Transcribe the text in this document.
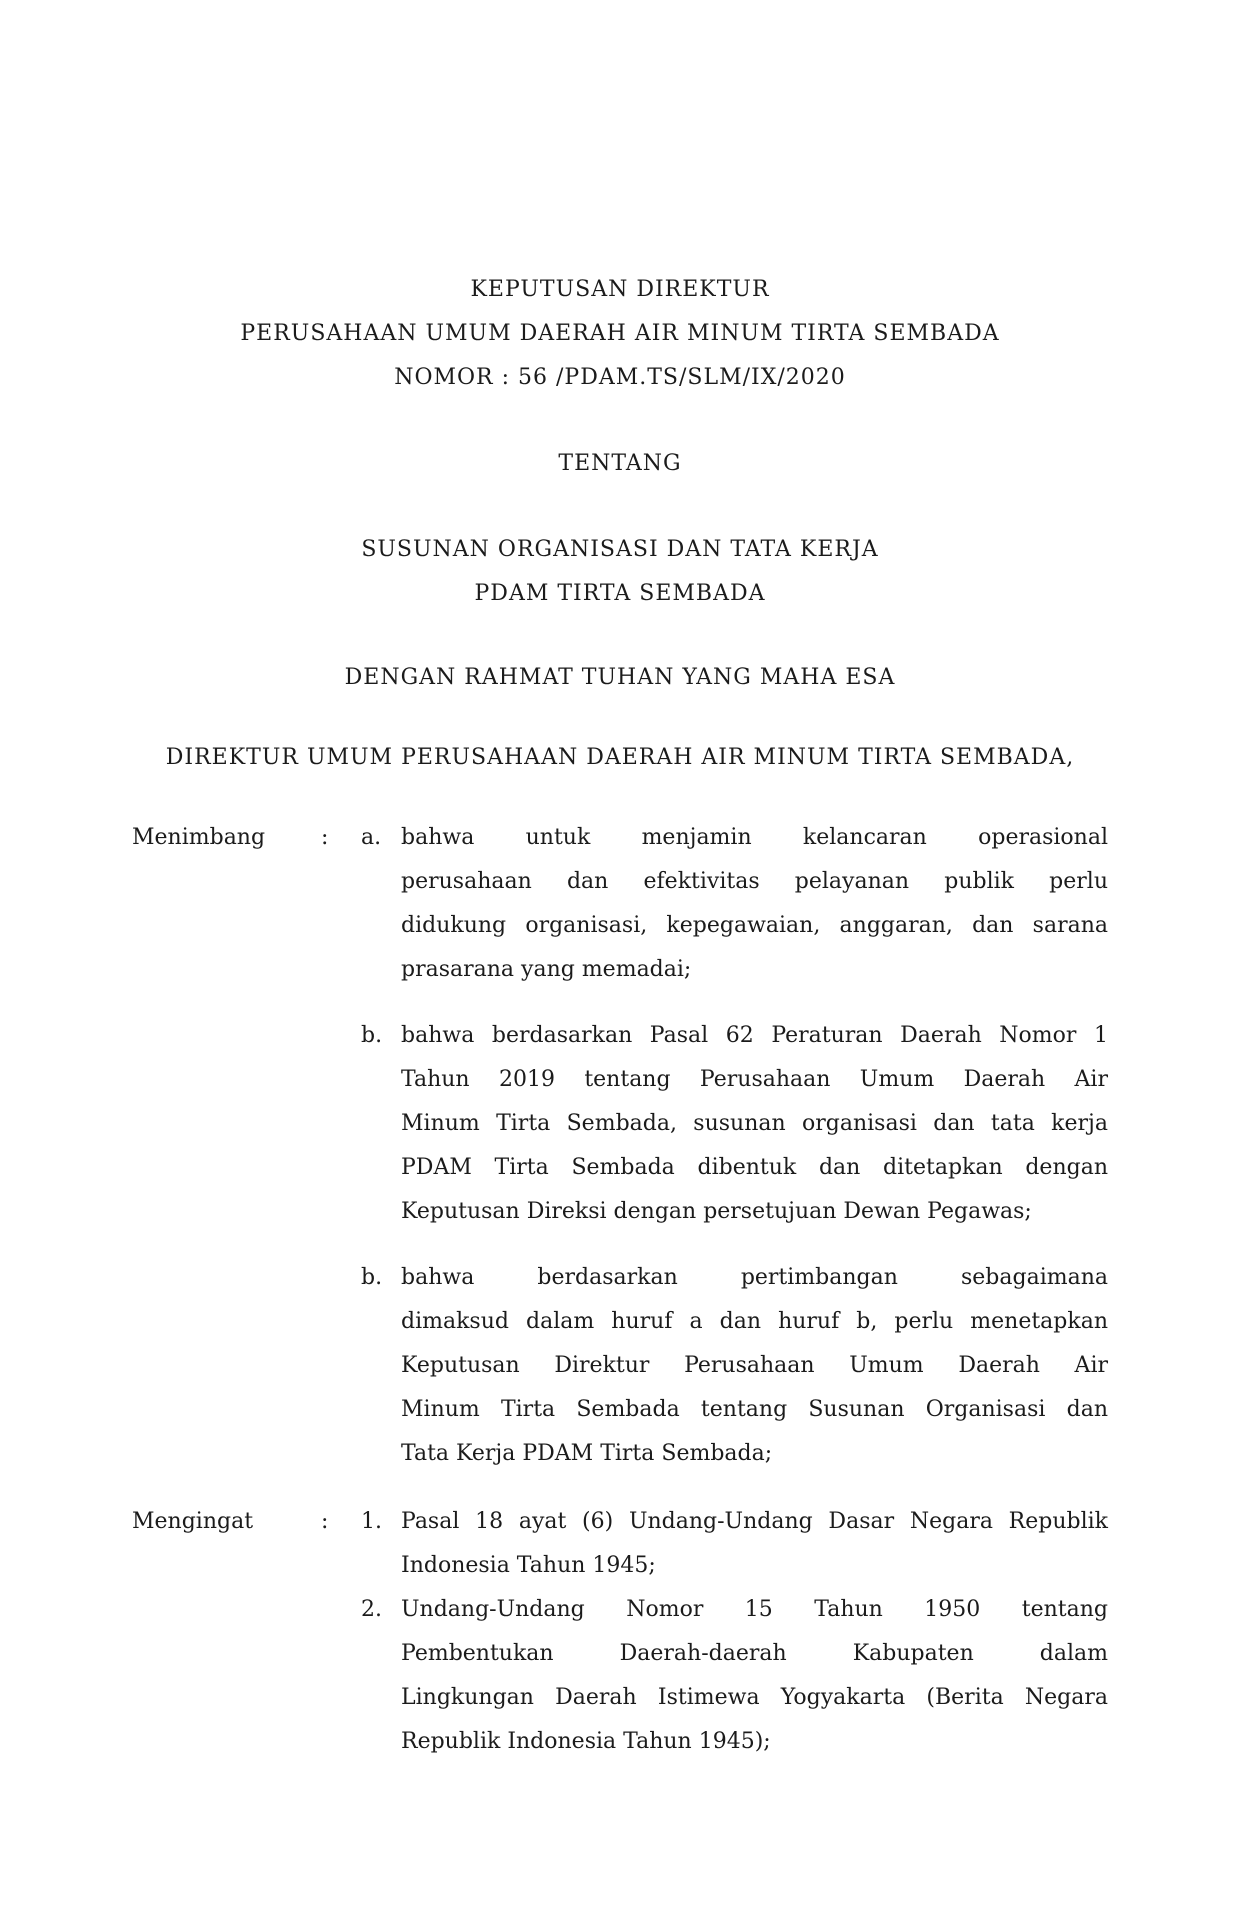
KEPUTUSAN DIREKTUR
PERUSAHAAN UMUM DAERAH AIR MINUM TIRTA SEMBADA
NOMOR : 56 /PDAM.TS/SLM/IX/2020
TENTANG
SUSUNAN ORGANISASI DAN TATA KERJA
PDAM TIRTA SEMBADA
DENGAN RAHMAT TUHAN YANG MAHA ESA
DIREKTUR UMUM PERUSAHAAN DAERAH AIR MINUM TIRTA SEMBADA,
Menimbang	:	a. bahwa untuk menjamin kelancaran operasional
perusahaan dan efektivitas pelayanan publik perlu
didukung organisasi, kepegawaian, anggaran, dan sarana
prasarana yang memadai;
b. bahwa berdasarkan Pasal 62 Peraturan Daerah Nomor 1
Tahun 2019 tentang Perusahaan Umum Daerah Air
Minum Tirta Sembada, susunan organisasi dan tata kerja
PDAM Tirta Sembada dibentuk dan ditetapkan dengan
Keputusan Direksi dengan persetujuan Dewan Pegawas;
b. bahwa berdasarkan pertimbangan sebagaimana
dimaksud dalam huruf a dan huruf b, perlu menetapkan
Keputusan Direktur Perusahaan Umum Daerah Air
Minum Tirta Sembada tentang Susunan Organisasi dan
Tata Kerja PDAM Tirta Sembada;
Mengingat	:	1. Pasal 18 ayat (6) Undang-Undang Dasar Negara Republik
Indonesia Tahun 1945;
2. Undang-Undang Nomor 15 Tahun 1950 tentang
Pembentukan Daerah-daerah Kabupaten dalam
Lingkungan Daerah Istimewa Yogyakarta (Berita Negara
Republik Indonesia Tahun 1945);
